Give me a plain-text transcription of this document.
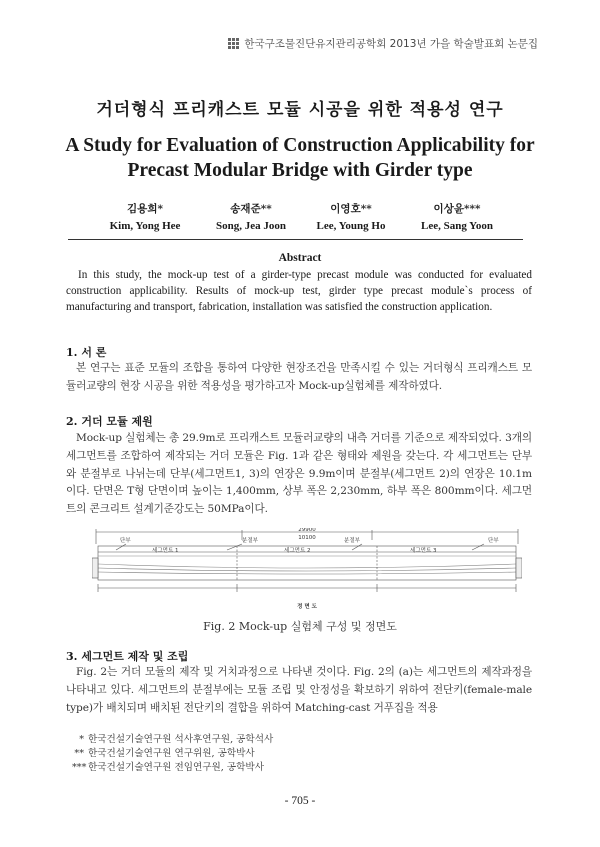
한국구조물진단유지관리공학회 2013년 가을 학술발표회 논문집
거더형식 프리캐스트 모듈 시공을 위한 적용성 연구
A Study for Evaluation of Construction Applicability for
Precast Modular Bridge with Girder type
김용희*
Kim, Yong Hee
송재준**
Song, Jea Joon
이영호**
Lee, Young Ho
이상윤***
Lee, Sang Yoon
Abstract
In this study, the mock-up test of a girder-type precast module was conducted for evaluated construction applicability. Results of mock-up test, girder type precast module`s process of manufacturing and transport, fabrication, installation was satisfied the construction application.
1. 서 론
본 연구는 표준 모듈의 조합을 통하여 다양한 현장조건을 만족시킬 수 있는 거더형식 프리캐스트 모듈러교량의 현장 시공을 위한 적용성을 평가하고자 Mock-up실험체를 제작하였다.
2. 거더 모듈 제원
Mock-up 실험체는 총 29.9m로 프리캐스트 모듈러교량의 내측 거더를 기준으로 제작되었다. 3개의 세그먼트를 조합하여 제작되는 거더 모듈은 Fig. 1과 같은 형태와 제원을 갖는다. 각 세그먼트는 단부와 분절부로 나뉘는데 단부(세그먼트1, 3)의 연장은 9.9m이며 분절부(세그먼트 2)의 연장은 10.1m이다. 단면은 T형 단면이며 높이는 1,400mm, 상부 폭은 2,230mm, 하부 폭은 800mm이다. 세그먼트의 콘크리트 설계기준강도는 50MPa이다.
29900
10100
단부
세그먼트 1
분절부
세그먼트 2
분절부
세그먼트 3
단부
정 면 도
Fig. 2 Mock-up 실험체 구성 및 정면도
3. 세그먼트 제작 및 조립
Fig. 2는 거더 모듈의 제작 및 거치과정으로 나타낸 것이다. Fig. 2의 (a)는 세그먼트의 제작과정을 나타내고 있다. 세그먼트의 분절부에는 모듈 조립 및 안정성을 확보하기 위하여 전단키(female-male type)가 배치되며 배치된 전단키의 결합을 위하여 Matching-cast 거푸집을 적용
* 한국건설기술연구원 석사후연구원, 공학석사
** 한국건설기술연구원 연구위원, 공학박사
*** 한국건설기술연구원 전임연구원, 공학박사
- 705 -
